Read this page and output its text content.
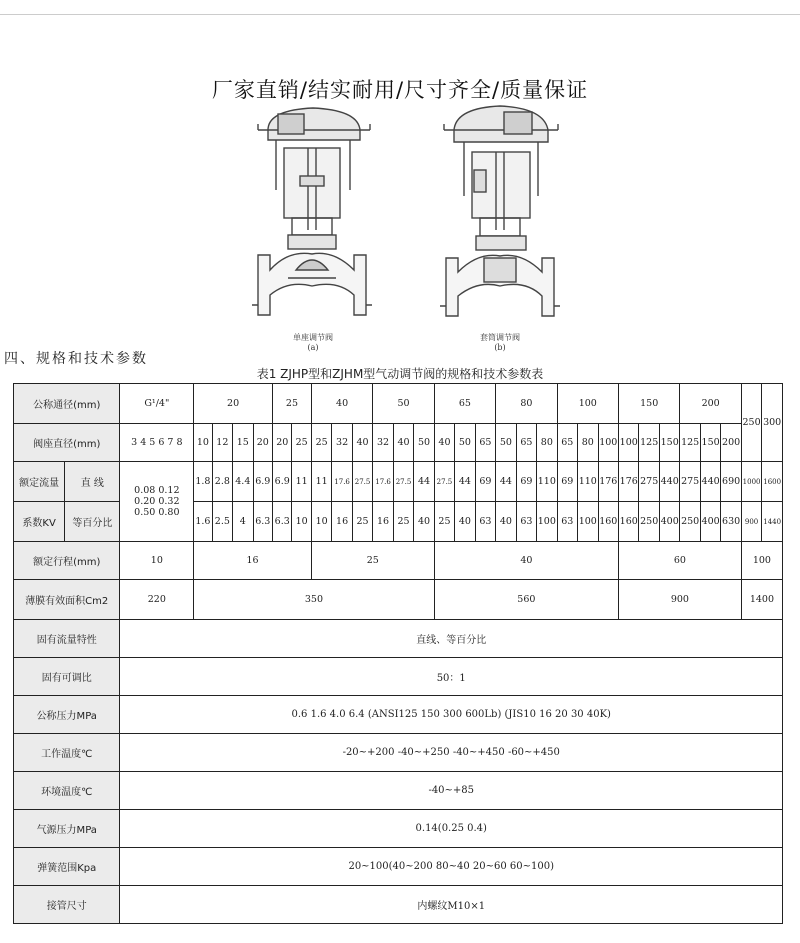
厂家直销/结实耐用/尺寸齐全/质量保证
单座调节阀
(a)
套筒调节阀
(b)
四、规格和技术参数
表1 ZJHP型和ZJHM型气动调节阀的规格和技术参数表
公称通径(mm)		G¹/4"	20				25		40			50			65			80			100			150			200			250	300
阀座直径(mm)		3 4 5 6 7 8	10	12	15	20	20	25	25	32	40	32	40	50	40	50	65	50	65	80	65	80	100	100	125	150	125	150	200		
额定流量	直 线	0.08 0.12
0.20 0.32
0.50 0.80	1.8	2.8	4.4	6.9	6.9	11	11	17.6	27.5	17.6	27.5	44	27.5	44	69	44	69	110	69	110	176	176	275	440	275	440	690	1000	1600
系数KV	等百分比		1.6	2.5	4	6.3	6.3	10	10	16	25	16	25	40	25	40	63	40	63	100	63	100	160	160	250	400	250	400	630	900	1440
额定行程(mm)		10	16						25						40									60						100	
薄膜有效面积Cm2		220	350												560									900						1400	
固有流量特性		直线、等百分比																													
固有可调比		50：1																													
公称压力MPa		0.6 1.6 4.0 6.4 (ANSI125 150 300 600Lb) (JIS10 16 20 30 40K)																													
工作温度℃		-20~+200 -40~+250 -40~+450 -60~+450																													
环境温度℃		-40~+85																													
气源压力MPa		0.14(0.25 0.4)																													
弹簧范围Kpa		20~100(40~200 80~40 20~60 60~100)																													
接管尺寸		内螺纹M10×1																													
